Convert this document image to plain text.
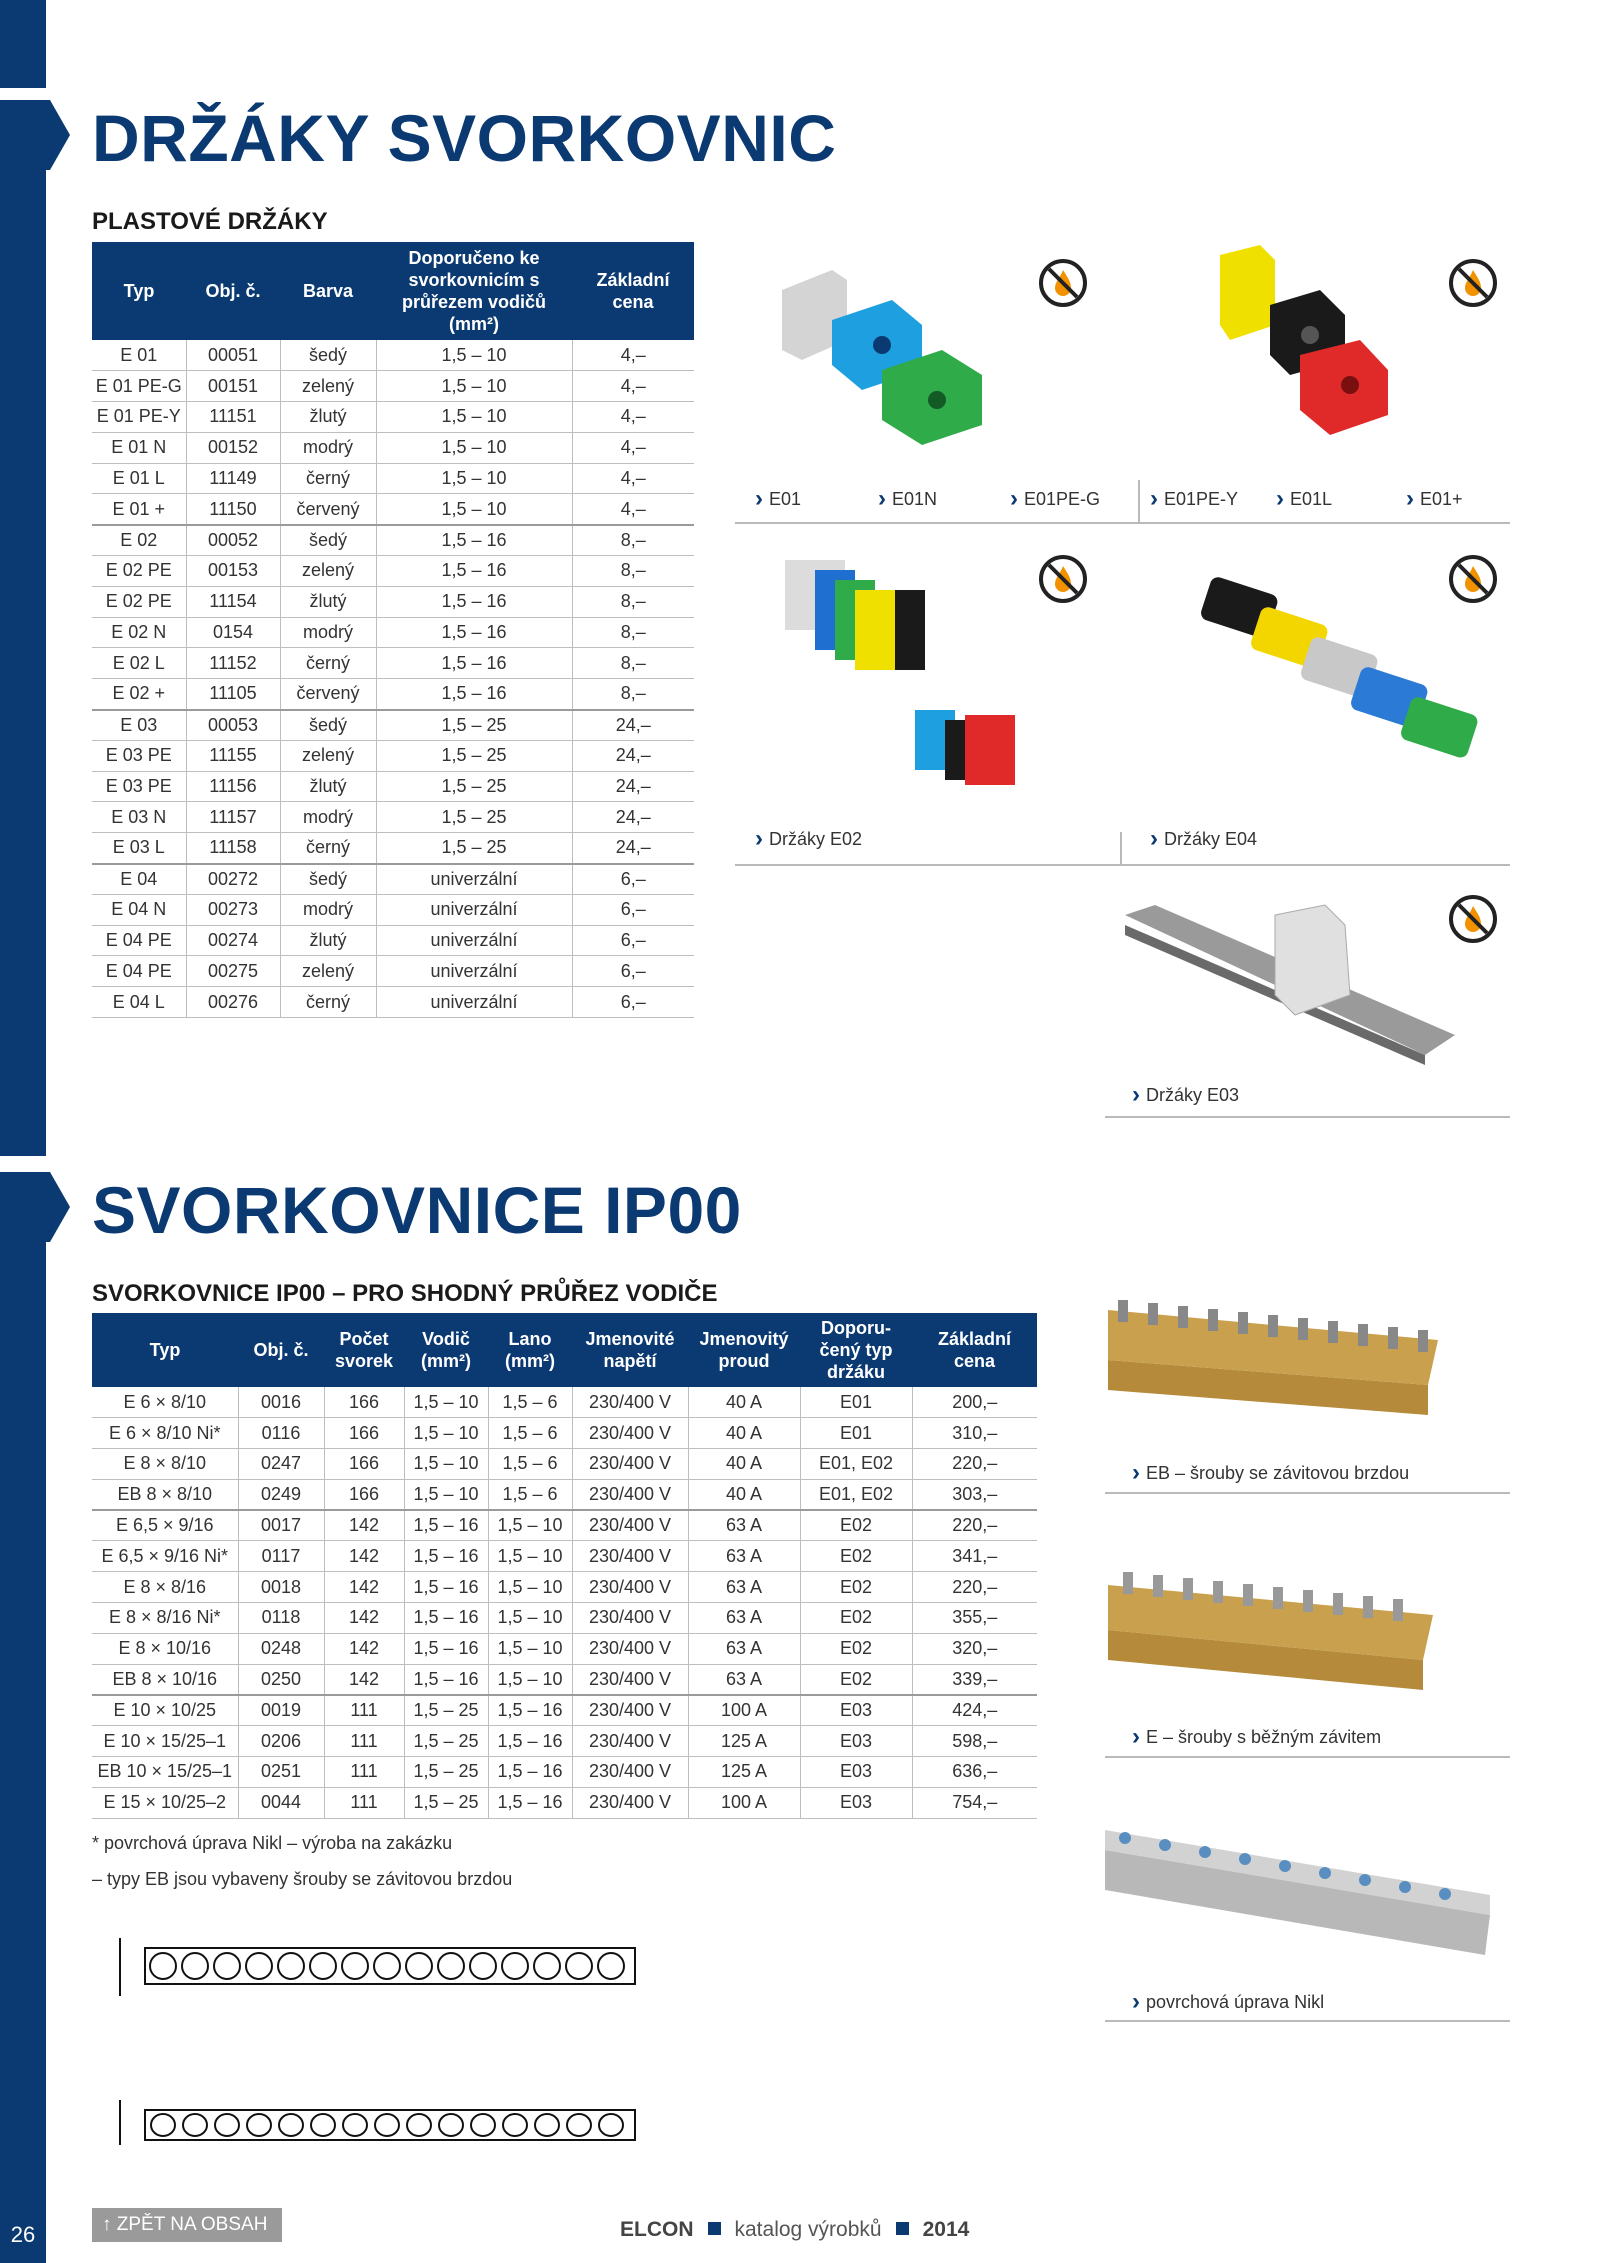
DRŽÁKY SVORKOVNIC
PLASTOVÉ DRŽÁKY
Typ	Obj. č.	Barva	Doporučeno ke svorkovnicím s průřezem vodičů (mm²)	Základní cena
E 01	00051	šedý	1,5 – 10	4,–
E 01 PE-G	00151	zelený	1,5 – 10	4,–
E 01 PE-Y	11151	žlutý	1,5 – 10	4,–
E 01 N	00152	modrý	1,5 – 10	4,–
E 01 L	11149	černý	1,5 – 10	4,–
E 01 +	11150	červený	1,5 – 10	4,–
E 02	00052	šedý	1,5 – 16	8,–
E 02 PE	00153	zelený	1,5 – 16	8,–
E 02 PE	11154	žlutý	1,5 – 16	8,–
E 02 N	0154	modrý	1,5 – 16	8,–
E 02 L	11152	černý	1,5 – 16	8,–
E 02 +	11105	červený	1,5 – 16	8,–
E 03	00053	šedý	1,5 – 25	24,–
E 03 PE	11155	zelený	1,5 – 25	24,–
E 03 PE	11156	žlutý	1,5 – 25	24,–
E 03 N	11157	modrý	1,5 – 25	24,–
E 03 L	11158	černý	1,5 – 25	24,–
E 04	00272	šedý	univerzální	6,–
E 04 N	00273	modrý	univerzální	6,–
E 04 PE	00274	žlutý	univerzální	6,–
E 04 PE	00275	zelený	univerzální	6,–
E 04 L	00276	černý	univerzální	6,–
› E01	› E01N	› E01PE-G	› E01PE-Y	› E01L	› E01+
› Držáky E02	› Držáky E04
› Držáky E03
SVORKOVNICE IP00
SVORKOVNICE IP00 – PRO SHODNÝ PRŮŘEZ VODIČE
Typ	Obj. č.	Počet svorek	Vodič (mm²)	Lano (mm²)	Jmenovité napětí	Jmenovitý proud	Doporučený typ držáku	Základní cena
E 6 × 8/10	0016	166	1,5 – 10	1,5 – 6	230/400 V	40 A	E01	200,–
E 6 × 8/10 Ni*	0116	166	1,5 – 10	1,5 – 6	230/400 V	40 A	E01	310,–
E 8 × 8/10	0247	166	1,5 – 10	1,5 – 6	230/400 V	40 A	E01, E02	220,–
EB 8 × 8/10	0249	166	1,5 – 10	1,5 – 6	230/400 V	40 A	E01, E02	303,–
E 6,5 × 9/16	0017	142	1,5 – 16	1,5 – 10	230/400 V	63 A	E02	220,–
E 6,5 × 9/16 Ni*	0117	142	1,5 – 16	1,5 – 10	230/400 V	63 A	E02	341,–
E 8 × 8/16	0018	142	1,5 – 16	1,5 – 10	230/400 V	63 A	E02	220,–
E 8 × 8/16 Ni*	0118	142	1,5 – 16	1,5 – 10	230/400 V	63 A	E02	355,–
E 8 × 10/16	0248	142	1,5 – 16	1,5 – 10	230/400 V	63 A	E02	320,–
EB 8 × 10/16	0250	142	1,5 – 16	1,5 – 10	230/400 V	63 A	E02	339,–
E 10 × 10/25	0019	111	1,5 – 25	1,5 – 16	230/400 V	100 A	E03	424,–
E 10 × 15/25–1	0206	111	1,5 – 25	1,5 – 16	230/400 V	125 A	E03	598,–
EB 10 × 15/25–1	0251	111	1,5 – 25	1,5 – 16	230/400 V	125 A	E03	636,–
E 15 × 10/25–2	0044	111	1,5 – 25	1,5 – 16	230/400 V	100 A	E03	754,–
* povrchová úprava Nikl – výroba na zakázku
– typy EB jsou vybaveny šrouby se závitovou brzdou
› EB – šrouby se závitovou brzdou
› E – šrouby s běžným závitem
› povrchová úprava Nikl
26	↑ ZPĚT NA OBSAH	ELCON katalog výrobků 2014
